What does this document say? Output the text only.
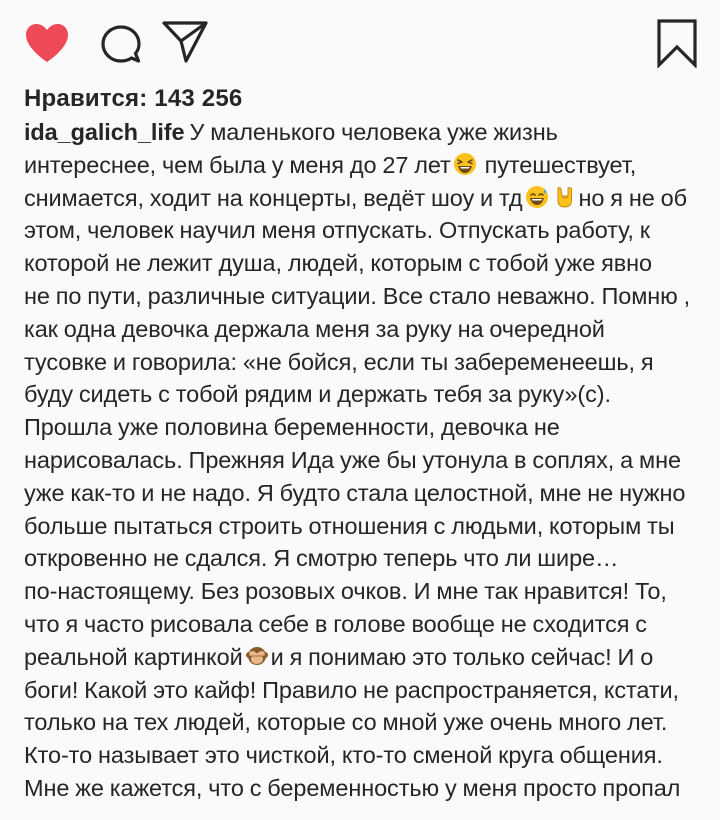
Нравится: 143 256

ida_galich_life У маленького человека уже жизнь
интереснее, чем была у меня до 27 лет путешествует,
снимается, ходит на концерты, ведёт шоу и тд но я не об
этом, человек научил меня отпускать. Отпускать работу, к
которой не лежит душа, людей, которым с тобой уже явно
не по пути, различные ситуации. Все стало неважно. Помню ,
как одна девочка держала меня за руку на очередной
тусовке и говорила: «не бойся, если ты забеременеешь, я
буду сидеть с тобой рядим и держать тебя за руку»(с).
Прошла уже половина беременности, девочка не
нарисовалась. Прежняя Ида уже бы утонула в соплях, а мне
уже как-то и не надо. Я будто стала целостной, мне не нужно
больше пытаться строить отношения с людьми, которым ты
откровенно не сдался. Я смотрю теперь что ли шире…
по-настоящему. Без розовых очков. И мне так нравится! То,
что я часто рисовала себе в голове вообще не сходится с
реальной картинкой и я понимаю это только сейчас! И о
боги! Какой это кайф! Правило не распространяется, кстати,
только на тех людей, которые со мной уже очень много лет.
Кто-то называет это чисткой, кто-то сменой круга общения.
Мне же кажется, что с беременностью у меня просто пропал
